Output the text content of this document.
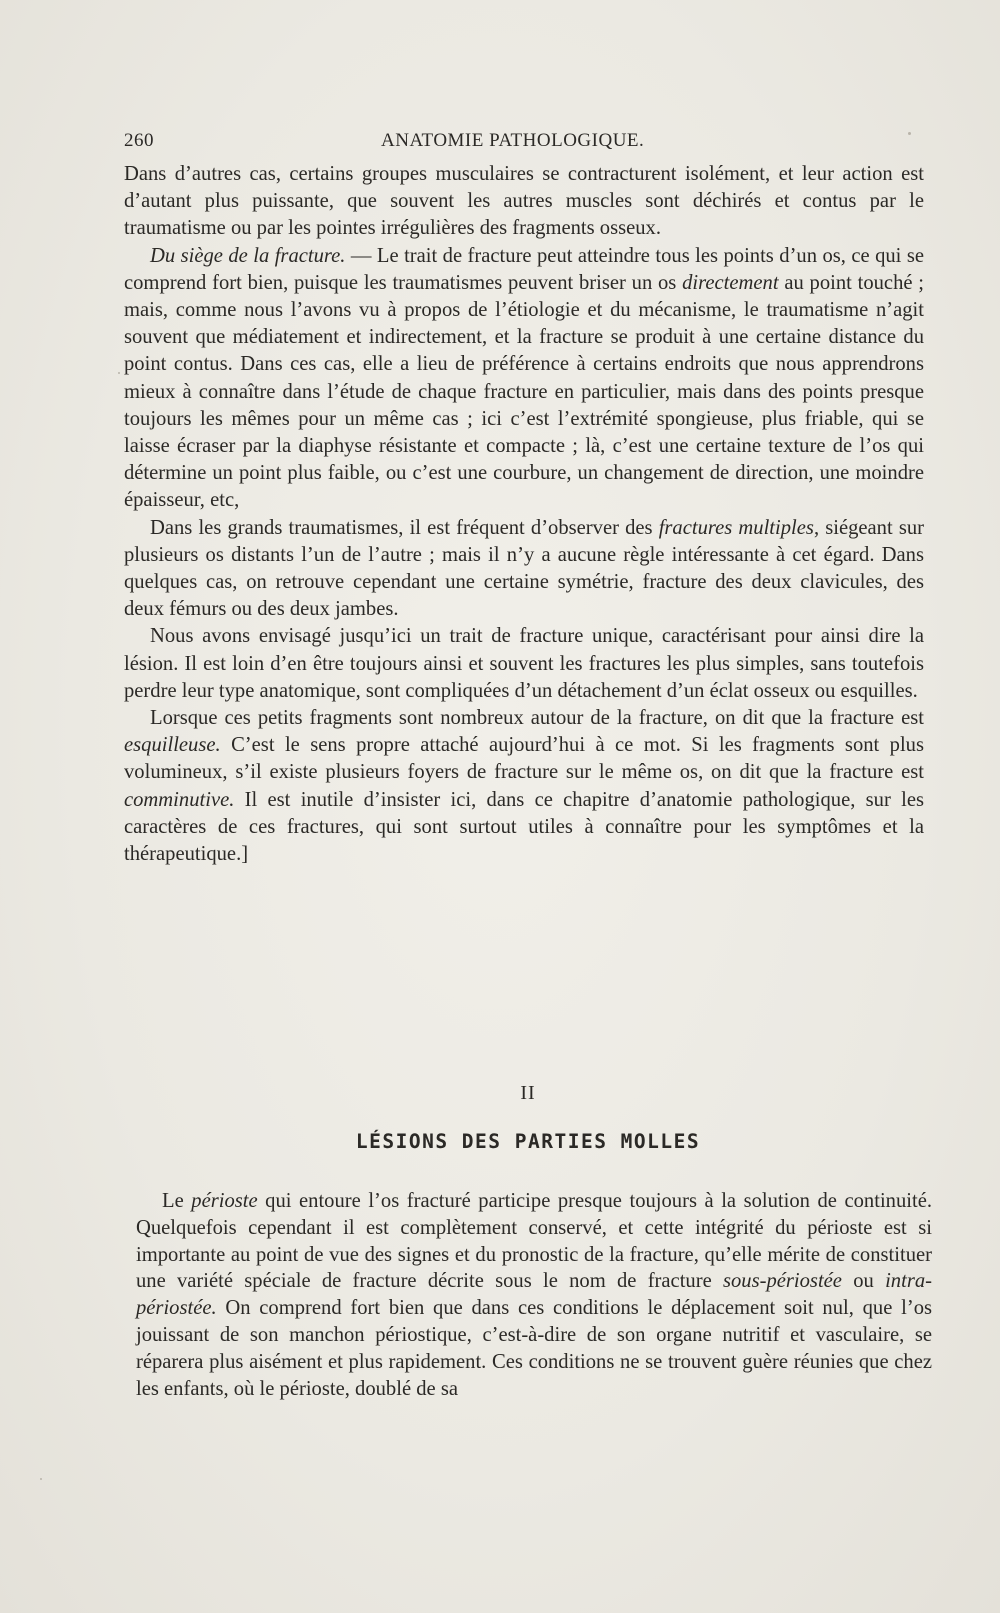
260	ANATOMIE PATHOLOGIQUE.

Dans d’autres cas, certains groupes musculaires se contracturent isolément, et leur action est d’autant plus puissante, que souvent les autres muscles sont déchirés et contus par le traumatisme ou par les pointes irrégulières des fragments osseux.

Du siège de la fracture. — Le trait de fracture peut atteindre tous les points d’un os, ce qui se comprend fort bien, puisque les traumatismes peuvent briser un os directement au point touché ; mais, comme nous l’avons vu à propos de l’étiologie et du mécanisme, le traumatisme n’agit souvent que médiatement et indirectement, et la fracture se produit à une certaine distance du point contus. Dans ces cas, elle a lieu de préférence à certains endroits que nous apprendrons mieux à connaître dans l’étude de chaque fracture en particulier, mais dans des points presque toujours les mêmes pour un même cas ; ici c’est l’extrémité spongieuse, plus friable, qui se laisse écraser par la diaphyse résistante et compacte ; là, c’est une certaine texture de l’os qui détermine un point plus faible, ou c’est une courbure, un changement de direction, une moindre épaisseur, etc,

Dans les grands traumatismes, il est fréquent d’observer des fractures multiples, siégeant sur plusieurs os distants l’un de l’autre ; mais il n’y a aucune règle intéressante à cet égard. Dans quelques cas, on retrouve cependant une certaine symétrie, fracture des deux clavicules, des deux fémurs ou des deux jambes.

Nous avons envisagé jusqu’ici un trait de fracture unique, caractérisant pour ainsi dire la lésion. Il est loin d’en être toujours ainsi et souvent les fractures les plus simples, sans toutefois perdre leur type anatomique, sont compliquées d’un détachement d’un éclat osseux ou esquilles.

Lorsque ces petits fragments sont nombreux autour de la fracture, on dit que la fracture est esquilleuse. C’est le sens propre attaché aujourd’hui à ce mot. Si les fragments sont plus volumineux, s’il existe plusieurs foyers de fracture sur le même os, on dit que la fracture est comminutive. Il est inutile d’insister ici, dans ce chapitre d’anatomie pathologique, sur les caractères de ces fractures, qui sont surtout utiles à connaître pour les symptômes et la thérapeutique.]

II
LÉSIONS DES PARTIES MOLLES

Le périoste qui entoure l’os fracturé participe presque toujours à la solution de continuité. Quelquefois cependant il est complètement conservé, et cette intégrité du périoste est si importante au point de vue des signes et du pronostic de la fracture, qu’elle mérite de constituer une variété spéciale de fracture décrite sous le nom de fracture sous-périostée ou intra-périostée. On comprend fort bien que dans ces conditions le déplacement soit nul, que l’os jouissant de son manchon périostique, c’est-à-dire de son organe nutritif et vasculaire, se réparera plus aisément et plus rapidement. Ces conditions ne se trouvent guère réunies que chez les enfants, où le périoste, doublé de sa
